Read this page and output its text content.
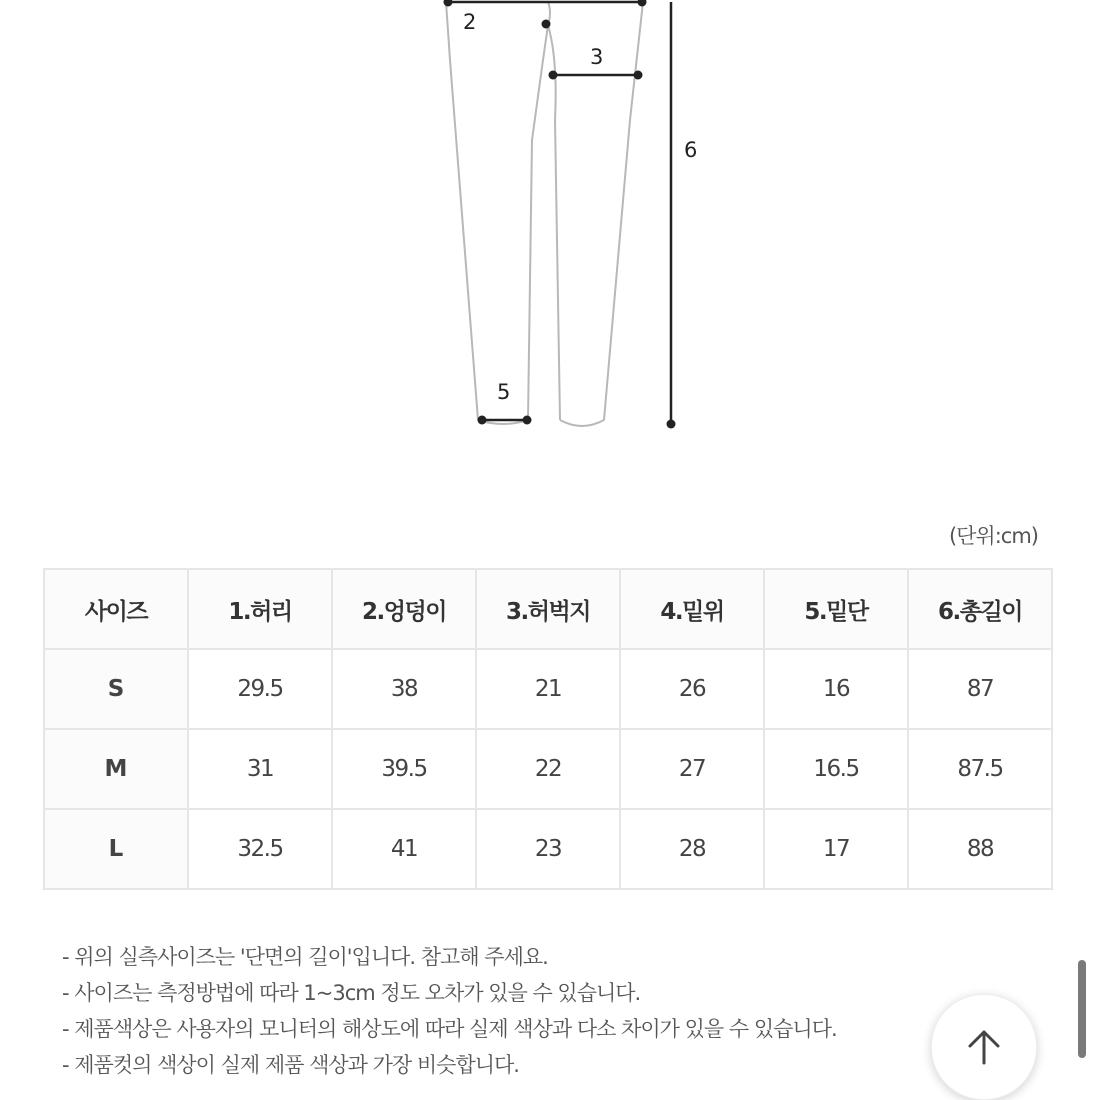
2
3
5
6
(단위:cm)
사이즈	1.허리	2.엉덩이	3.허벅지	4.밑위	5.밑단	6.총길이
S	29.5	38	21	26	16	87
M	31	39.5	22	27	16.5	87.5
L	32.5	41	23	28	17	88
- 위의 실측사이즈는 '단면의 길이'입니다. 참고해 주세요.
- 사이즈는 측정방법에 따라 1~3cm 정도 오차가 있을 수 있습니다.
- 제품색상은 사용자의 모니터의 해상도에 따라 실제 색상과 다소 차이가 있을 수 있습니다.
- 제품컷의 색상이 실제 제품 색상과 가장 비슷합니다.
